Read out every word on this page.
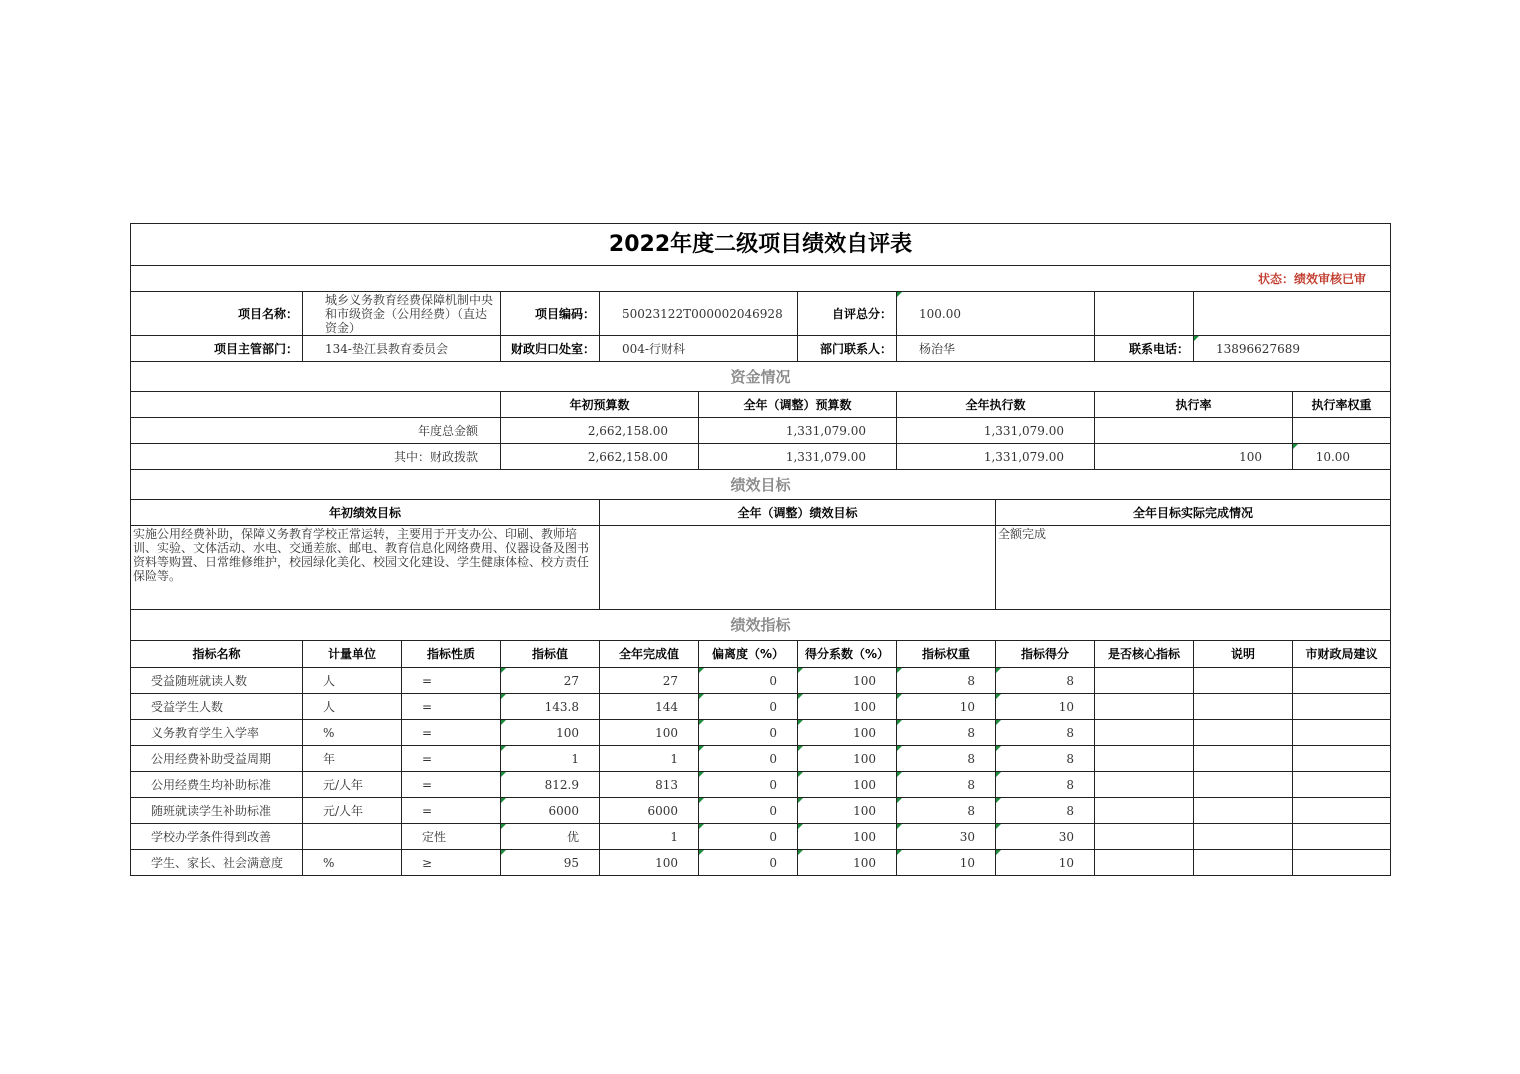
2022年度二级项目绩效自评表												
状态：绩效审核已审												
项目名称：	城乡义务教育经费保障机制中央和市级资金（公用经费）（直达资金）		项目编码：	50023122T000002046928		自评总分：	100.00					
项目主管部门：	134-垫江县教育委员会		财政归口处室：	004-行财科		部门联系人：	杨治华		联系电话：	13896627689		
资金情况												
			年初预算数		全年（调整）预算数		全年执行数		执行率		执行率权重	
年度总金额			2,662,158.00		1,331,079.00		1,331,079.00					
其中：财政拨款			2,662,158.00		1,331,079.00		1,331,079.00		100		10.00	
绩效目标												
年初绩效目标				全年（调整）绩效目标				全年目标实际完成情况				
实施公用经费补助，保障义务教育学校正常运转，主要用于开支办公、印刷、教师培训、实验、文体活动、水电、交通差旅、邮电、教育信息化网络费用、仪器设备及图书资料等购置、日常维修维护，校园绿化美化、校园文化建设、学生健康体检、校方责任保险等。								全额完成				
绩效指标												
指标名称	计量单位	指标性质	指标值	全年完成值	偏离度（%）	得分系数（%）	指标权重	指标得分	是否核心指标	说明	市财政局建议	
受益随班就读人数	人	=	27	27	0	100	8	8				
受益学生人数	人	=	143.8	144	0	100	10	10				
义务教育学生入学率	%	=	100	100	0	100	8	8				
公用经费补助受益周期	年	=	1	1	0	100	8	8				
公用经费生均补助标准	元/人年	=	812.9	813	0	100	8	8				
随班就读学生补助标准	元/人年	=	6000	6000	0	100	8	8				
学校办学条件得到改善		定性	优	1	0	100	30	30				
学生、家长、社会满意度	%	≥	95	100	0	100	10	10				
